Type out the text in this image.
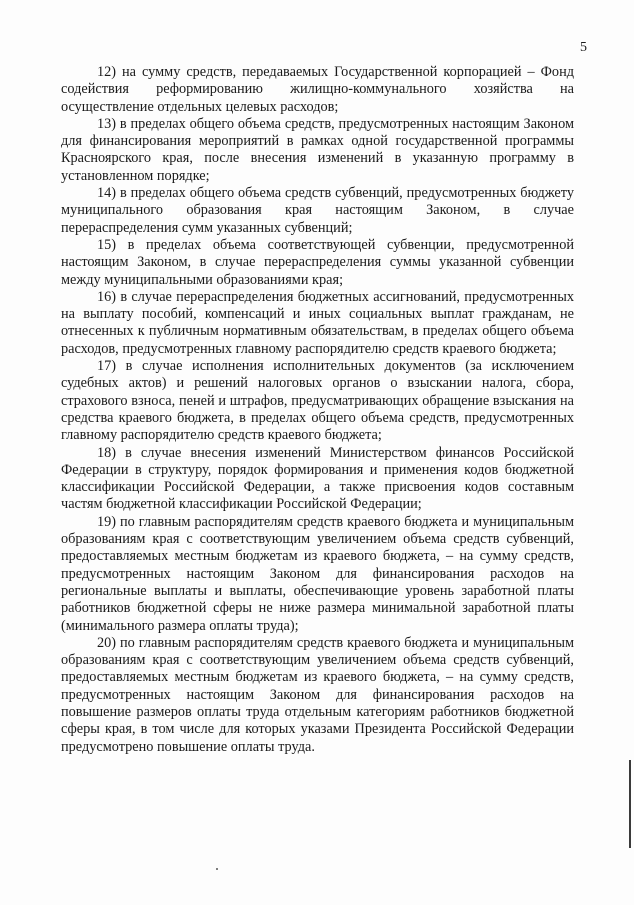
5

12) на сумму средств, передаваемых Государственной корпорацией – Фонд содействия реформированию жилищно-коммунального хозяйства на осуществление отдельных целевых расходов;

13) в пределах общего объема средств, предусмотренных настоящим Законом для финансирования мероприятий в рамках одной государственной программы Красноярского края, после внесения изменений в указанную программу в установленном порядке;

14) в пределах общего объема средств субвенций, предусмотренных бюджету муниципального образования края настоящим Законом, в случае перераспределения сумм указанных субвенций;

15) в пределах объема соответствующей субвенции, предусмотренной настоящим Законом, в случае перераспределения суммы указанной субвенции между муниципальными образованиями края;

16) в случае перераспределения бюджетных ассигнований, предусмотренных на выплату пособий, компенсаций и иных социальных выплат гражданам, не отнесенных к публичным нормативным обязательствам, в пределах общего объема расходов, предусмотренных главному распорядителю средств краевого бюджета;

17) в случае исполнения исполнительных документов (за исключением судебных актов) и решений налоговых органов о взыскании налога, сбора, страхового взноса, пеней и штрафов, предусматривающих обращение взыскания на средства краевого бюджета, в пределах общего объема средств, предусмотренных главному распорядителю средств краевого бюджета;

18) в случае внесения изменений Министерством финансов Российской Федерации в структуру, порядок формирования и применения кодов бюджетной классификации Российской Федерации, а также присвоения кодов составным частям бюджетной классификации Российской Федерации;

19) по главным распорядителям средств краевого бюджета и муниципальным образованиям края с соответствующим увеличением объема средств субвенций, предоставляемых местным бюджетам из краевого бюджета, – на сумму средств, предусмотренных настоящим Законом для финансирования расходов на региональные выплаты и выплаты, обеспечивающие уровень заработной платы работников бюджетной сферы не ниже размера минимальной заработной платы (минимального размера оплаты труда);

20) по главным распорядителям средств краевого бюджета и муниципальным образованиям края с соответствующим увеличением объема средств субвенций, предоставляемых местным бюджетам из краевого бюджета, – на сумму средств, предусмотренных настоящим Законом для финансирования расходов на повышение размеров оплаты труда отдельным категориям работников бюджетной сферы края, в том числе для которых указами Президента Российской Федерации предусмотрено повышение оплаты труда.
